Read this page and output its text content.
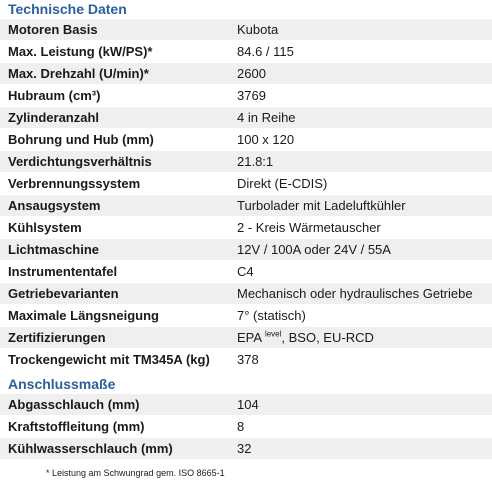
Technische Daten
Motoren Basis	Kubota
Max. Leistung (kW/PS)*	84.6 / 115
Max. Drehzahl (U/min)*	2600
Hubraum (cm³)	3769
Zylinderanzahl	4 in Reihe
Bohrung und Hub (mm)	100 x 120
Verdichtungsverhältnis	21.8:1
Verbrennungssystem	Direkt (E-CDIS)
Ansaugsystem	Turbolader mit Ladeluftkühler
Kühlsystem	2 - Kreis Wärmetauscher
Lichtmaschine	12V / 100A oder 24V / 55A
Instrumententafel	C4
Getriebevarianten	Mechanisch oder hydraulisches Getriebe
Maximale Längsneigung	7° (statisch)
Zertifizierungen	EPA $^{level}$, BSO, EU-RCD
Trockengewicht mit TM345A (kg)	378
Anschlussmaße
Abgasschlauch (mm)	104
Kraftstoffleitung (mm)	8
Kühlwasserschlauch (mm)	32
* Leistung am Schwungrad gem. ISO 8665-1
